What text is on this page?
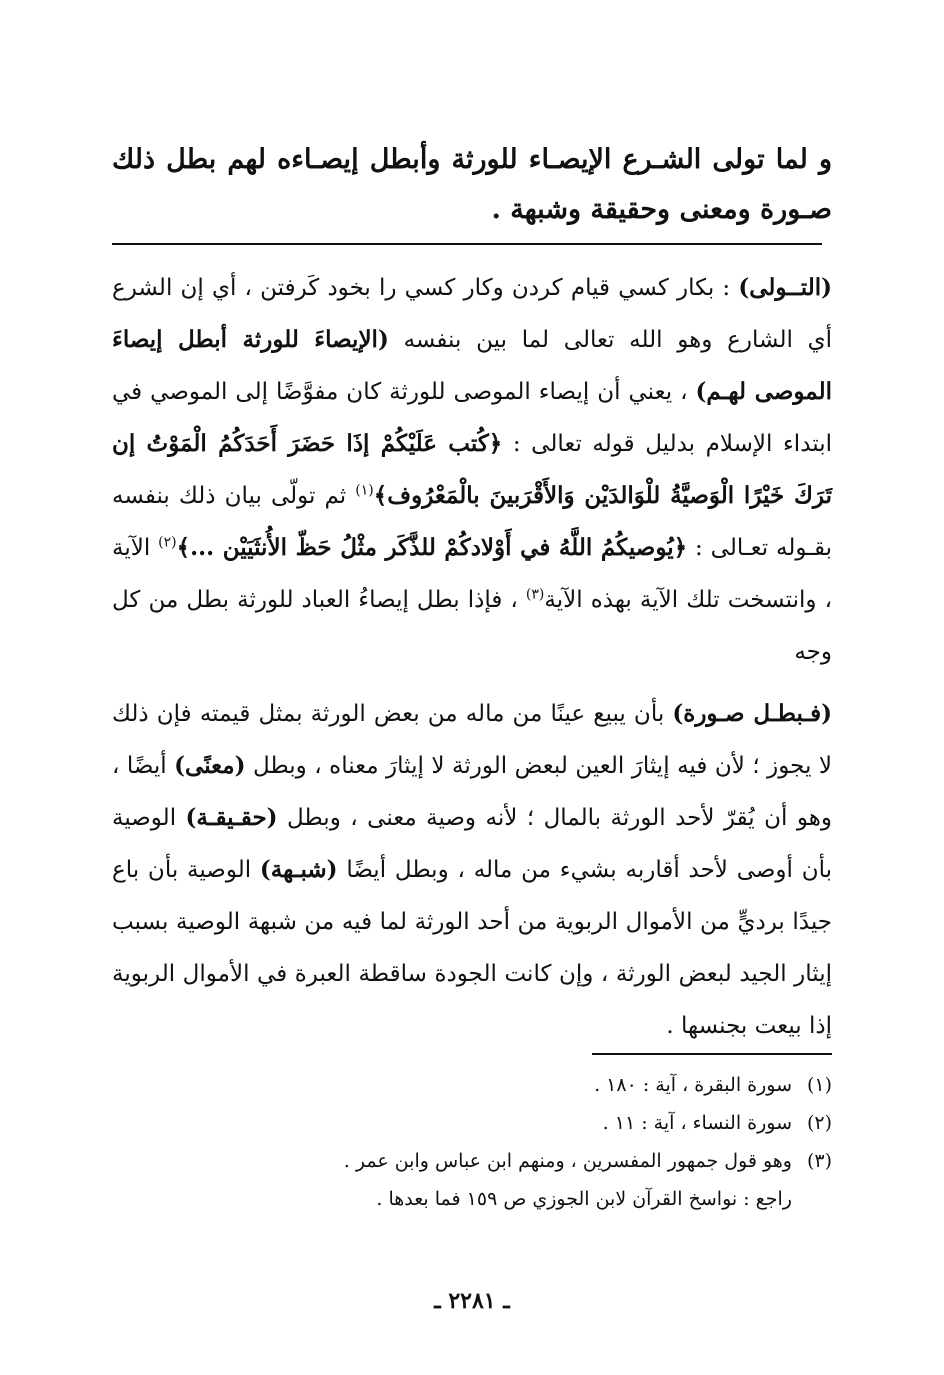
و لما تولى الشـرع الإيصـاء للورثة وأبطل إيصـاءه لهم بطل ذلك صـورة ومعنى وحقيقة وشبهة .

(التــولى) : بكار كسي قيام كردن وكار كسي را بخود كَرفتن ، أي إن الشرع أي الشارع وهو الله تعالى لما بين بنفسه (الإيصاءَ للورثة أبطل إيصاءَ الموصى لهـم) ، يعني أن إيصاء الموصى للورثة كان مفوَّضًا إلى الموصي في ابتداء الإسلام بدليل قوله تعالى : ﴿كُتب عَلَيْكُمْ إذَا حَضَرَ أَحَدَكُمُ الْمَوْتُ إن تَرَكَ خَيْرًا الْوَصيَّةُ للْوَالدَيْن وَالأَقْرَبينَ بالْمَعْرُوف﴾$^{(١)}$ ثم تولّى بيان ذلك بنفسه بقـوله تعـالى : ﴿يُوصيكُمُ اللَّهُ في أَوْلادكُمْ للذَّكَر مثْلُ حَظّ الأُنثَيَيْن ...﴾$^{(٢)}$ الآية ، وانتسخت تلك الآية بهذه الآية$^{(٣)}$ ، فإذا بطل إيصاءُ العباد للورثة بطل من كل وجه

(فـبطـل صـورة) بأن يبيع عينًا من ماله من بعض الورثة بمثل قيمته فإن ذلك لا يجوز ؛ لأن فيه إيثارَ العين لبعض الورثة لا إيثارَ معناه ، وبطل (معنًى) أيضًا ، وهو أن يُقرّ لأحد الورثة بالمال ؛ لأنه وصية معنى ، وبطل (حقـيقـة) الوصية بأن أوصى لأحد أقاربه بشيء من ماله ، وبطل أيضًا (شبـهة) الوصية بأن باع جيدًا برديٍّ من الأموال الربوية من أحد الورثة لما فيه من شبهة الوصية بسبب إيثار الجيد لبعض الورثة ، وإن كانت الجودة ساقطة العبرة في الأموال الربوية إذا بيعت بجنسها .

(١)
سورة البقرة ، آية : ١٨٠ .
(٢)
سورة النساء ، آية : ١١ .
(٣)
وهو قول جمهور المفسرين ، ومنهم ابن عباس وابن عمر .
راجع : نواسخ القرآن لابن الجوزي ص ١٥٩ فما بعدها .
ـ ٢٢٨١ ـ
